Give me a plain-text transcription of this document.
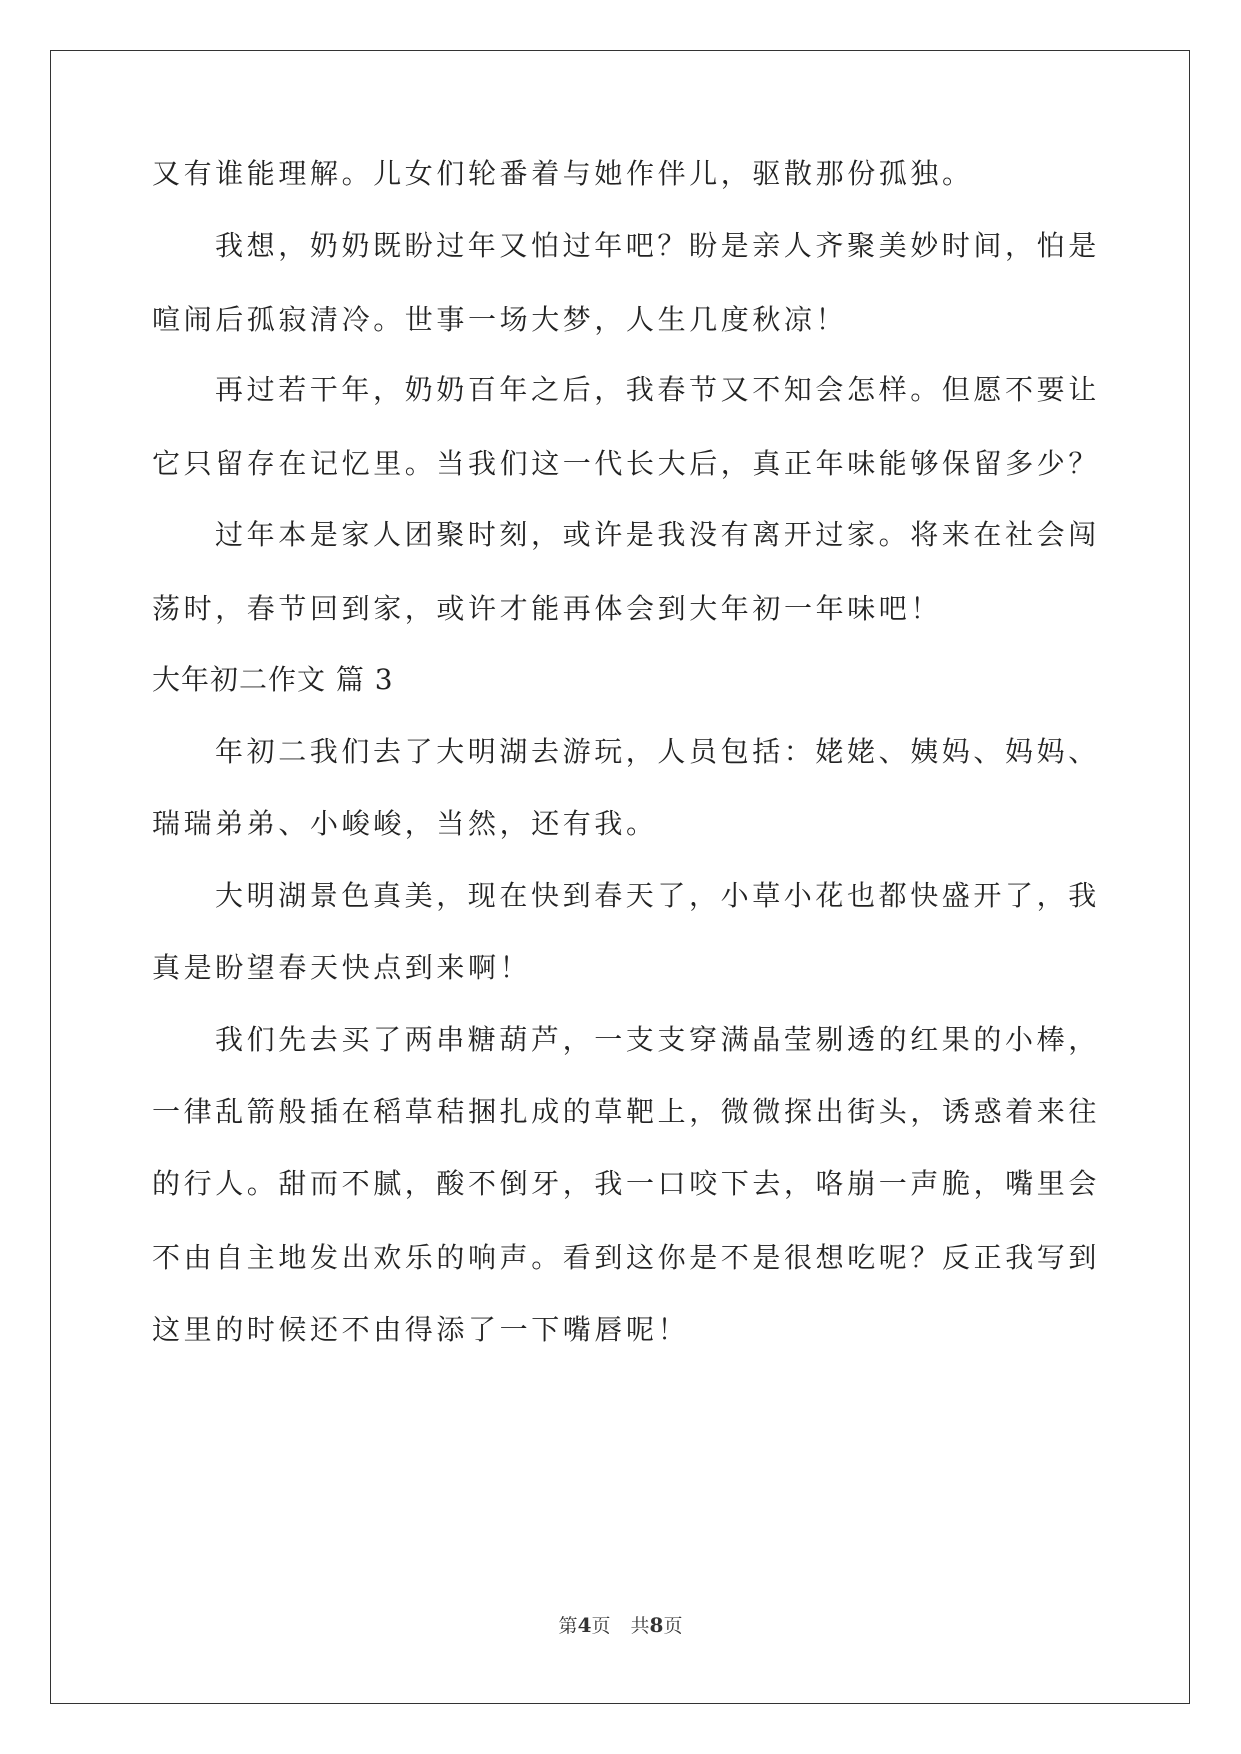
又有谁能理解。儿女们轮番着与她作伴儿，驱散那份孤独。
我想，奶奶既盼过年又怕过年吧？盼是亲人齐聚美妙时间，怕是
喧闹后孤寂清冷。世事一场大梦，人生几度秋凉！
再过若干年，奶奶百年之后，我春节又不知会怎样。但愿不要让
它只留存在记忆里。当我们这一代长大后，真正年味能够保留多少？
过年本是家人团聚时刻，或许是我没有离开过家。将来在社会闯
荡时，春节回到家，或许才能再体会到大年初一年味吧！
大年初二作文 篇 3
年初二我们去了大明湖去游玩，人员包括：姥姥、姨妈、妈妈、
瑞瑞弟弟、小峻峻，当然，还有我。
大明湖景色真美，现在快到春天了，小草小花也都快盛开了，我
真是盼望春天快点到来啊！
我们先去买了两串糖葫芦，一支支穿满晶莹剔透的红果的小棒，
一律乱箭般插在稻草秸捆扎成的草靶上，微微探出街头，诱惑着来往
的行人。甜而不腻，酸不倒牙，我一口咬下去，咯崩一声脆，嘴里会
不由自主地发出欢乐的响声。看到这你是不是很想吃呢？反正我写到
这里的时候还不由得添了一下嘴唇呢！
第4页 共8页
